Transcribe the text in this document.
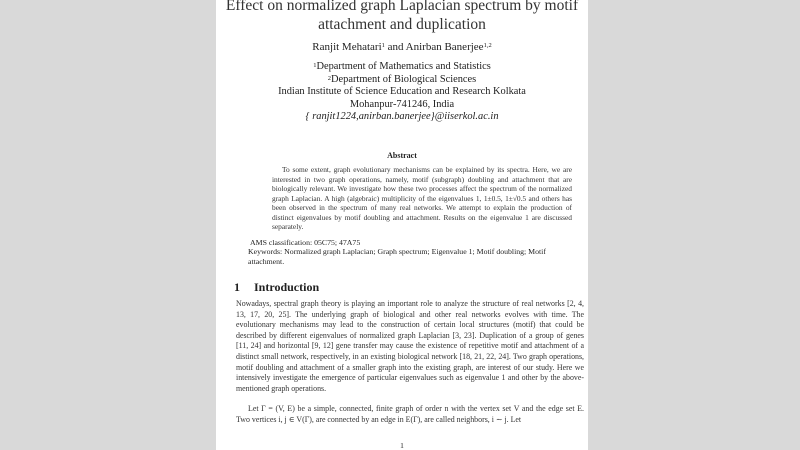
Effect on normalized graph Laplacian spectrum by motif
attachment and duplication
Ranjit Mehatari$^1$ and Anirban Banerjee$^{1,2}$
$^1$Department of Mathematics and Statistics
$^2$Department of Biological Sciences
Indian Institute of Science Education and Research Kolkata
Mohanpur-741246, India
{ ranjit1224,anirban.banerjee}@iiserkol.ac.in
Abstract
To some extent, graph evolutionary mechanisms can be explained by its spectra. Here, we are interested in two graph operations, namely, motif (subgraph) doubling and attachment that are biologically relevant. We investigate how these two processes affect the spectrum of the normalized graph Laplacian. A high (algebraic) multiplicity of the eigenvalues 1, 1±0.5, 1±√0.5 and others has been observed in the spectrum of many real networks. We attempt to explain the production of distinct eigenvalues by motif doubling and attachment. Results on the eigenvalue 1 are discussed separately.

AMS classification: 05C75; 47A75

Keywords: Normalized graph Laplacian; Graph spectrum; Eigenvalue 1; Motif doubling; Motif attachment.

1 Introduction

Nowadays, spectral graph theory is playing an important role to analyze the structure of real networks [2, 4, 13, 17, 20, 25]. The underlying graph of biological and other real networks evolves with time. The evolutionary mechanisms may lead to the construction of certain local structures (motif) that could be described by different eigenvalues of normalized graph Laplacian [3, 23]. Duplication of a group of genes [11, 24] and horizontal [9, 12] gene transfer may cause the existence of repetitive motif and attachment of a distinct small network, respectively, in an existing biological network [18, 21, 22, 24]. Two graph operations, motif doubling and attachment of a smaller graph into the existing graph, are interest of our study. Here we intensively investigate the emergence of particular eigenvalues such as eigenvalue 1 and other by the above-mentioned graph operations.

Let Γ = (V, E) be a simple, connected, finite graph of order n with the vertex set V and the edge set E. Two vertices i, j ∈ V(Γ), are connected by an edge in E(Γ), are called neighbors, i ∼ j. Let

1
